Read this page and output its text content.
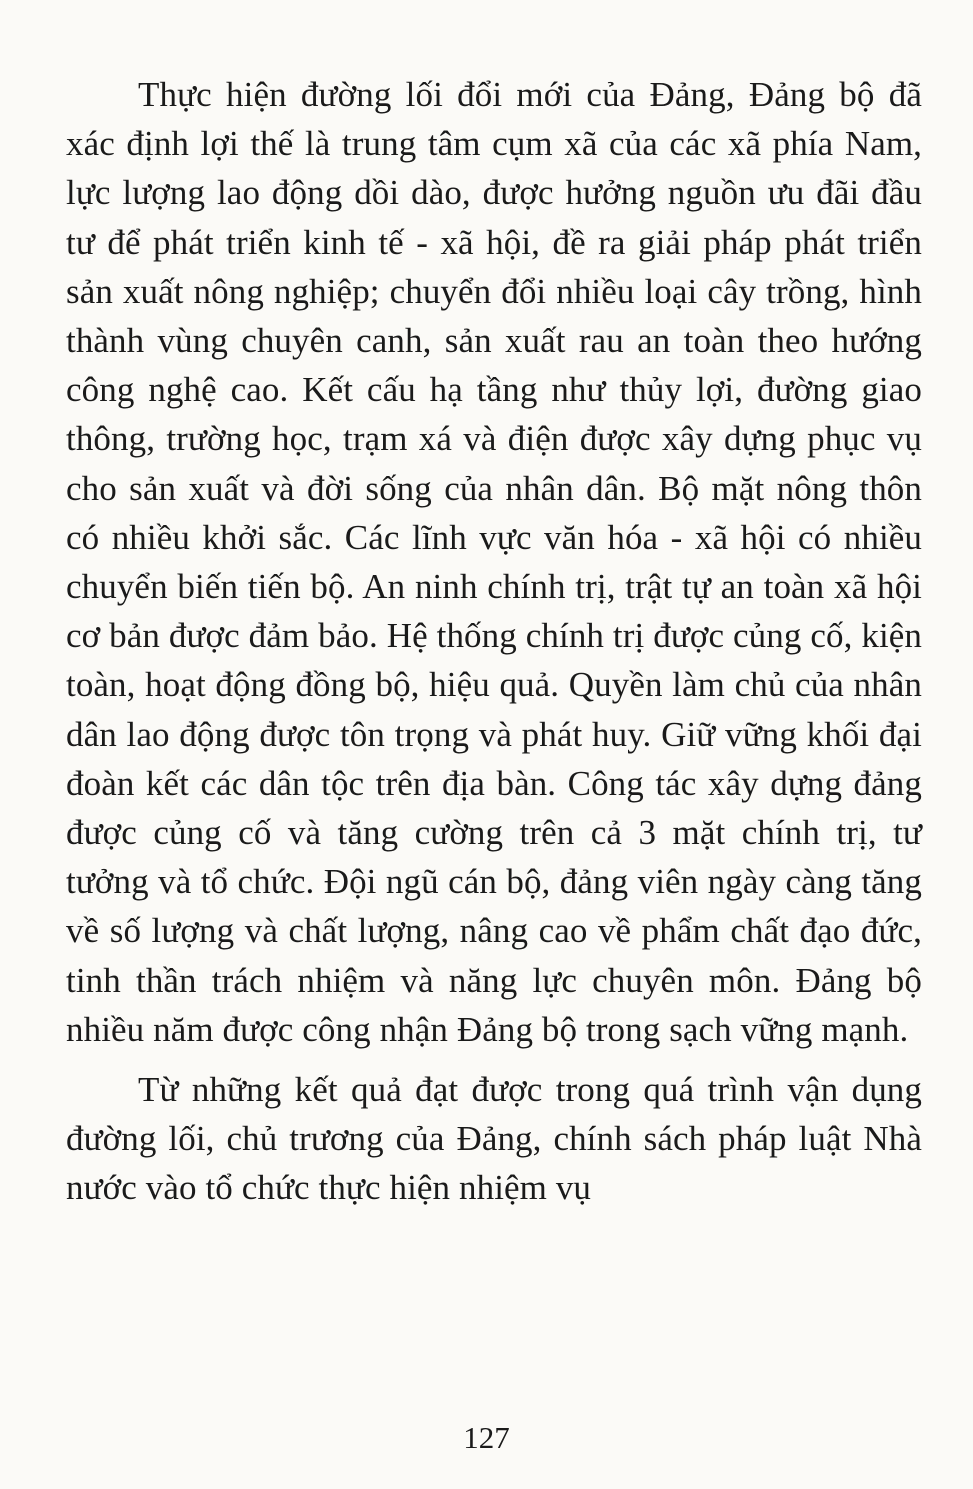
Thực hiện đường lối đổi mới của Đảng, Đảng bộ đã xác định lợi thế là trung tâm cụm xã của các xã phía Nam, lực lượng lao động dồi dào, được hưởng nguồn ưu đãi đầu tư để phát triển kinh tế - xã hội, đề ra giải pháp phát triển sản xuất nông nghiệp; chuyển đổi nhiều loại cây trồng, hình thành vùng chuyên canh, sản xuất rau an toàn theo hướng công nghệ cao. Kết cấu hạ tầng như thủy lợi, đường giao thông, trường học, trạm xá và điện được xây dựng phục vụ cho sản xuất và đời sống của nhân dân. Bộ mặt nông thôn có nhiều khởi sắc. Các lĩnh vực văn hóa - xã hội có nhiều chuyển biến tiến bộ. An ninh chính trị, trật tự an toàn xã hội cơ bản được đảm bảo. Hệ thống chính trị được củng cố, kiện toàn, hoạt động đồng bộ, hiệu quả. Quyền làm chủ của nhân dân lao động được tôn trọng và phát huy. Giữ vững khối đại đoàn kết các dân tộc trên địa bàn. Công tác xây dựng đảng được củng cố và tăng cường trên cả 3 mặt chính trị, tư tưởng và tổ chức. Đội ngũ cán bộ, đảng viên ngày càng tăng về số lượng và chất lượng, nâng cao về phẩm chất đạo đức, tinh thần trách nhiệm và năng lực chuyên môn. Đảng bộ nhiều năm được công nhận Đảng bộ trong sạch vững mạnh.

Từ những kết quả đạt được trong quá trình vận dụng đường lối, chủ trương của Đảng, chính sách pháp luật Nhà nước vào tổ chức thực hiện nhiệm vụ

127
